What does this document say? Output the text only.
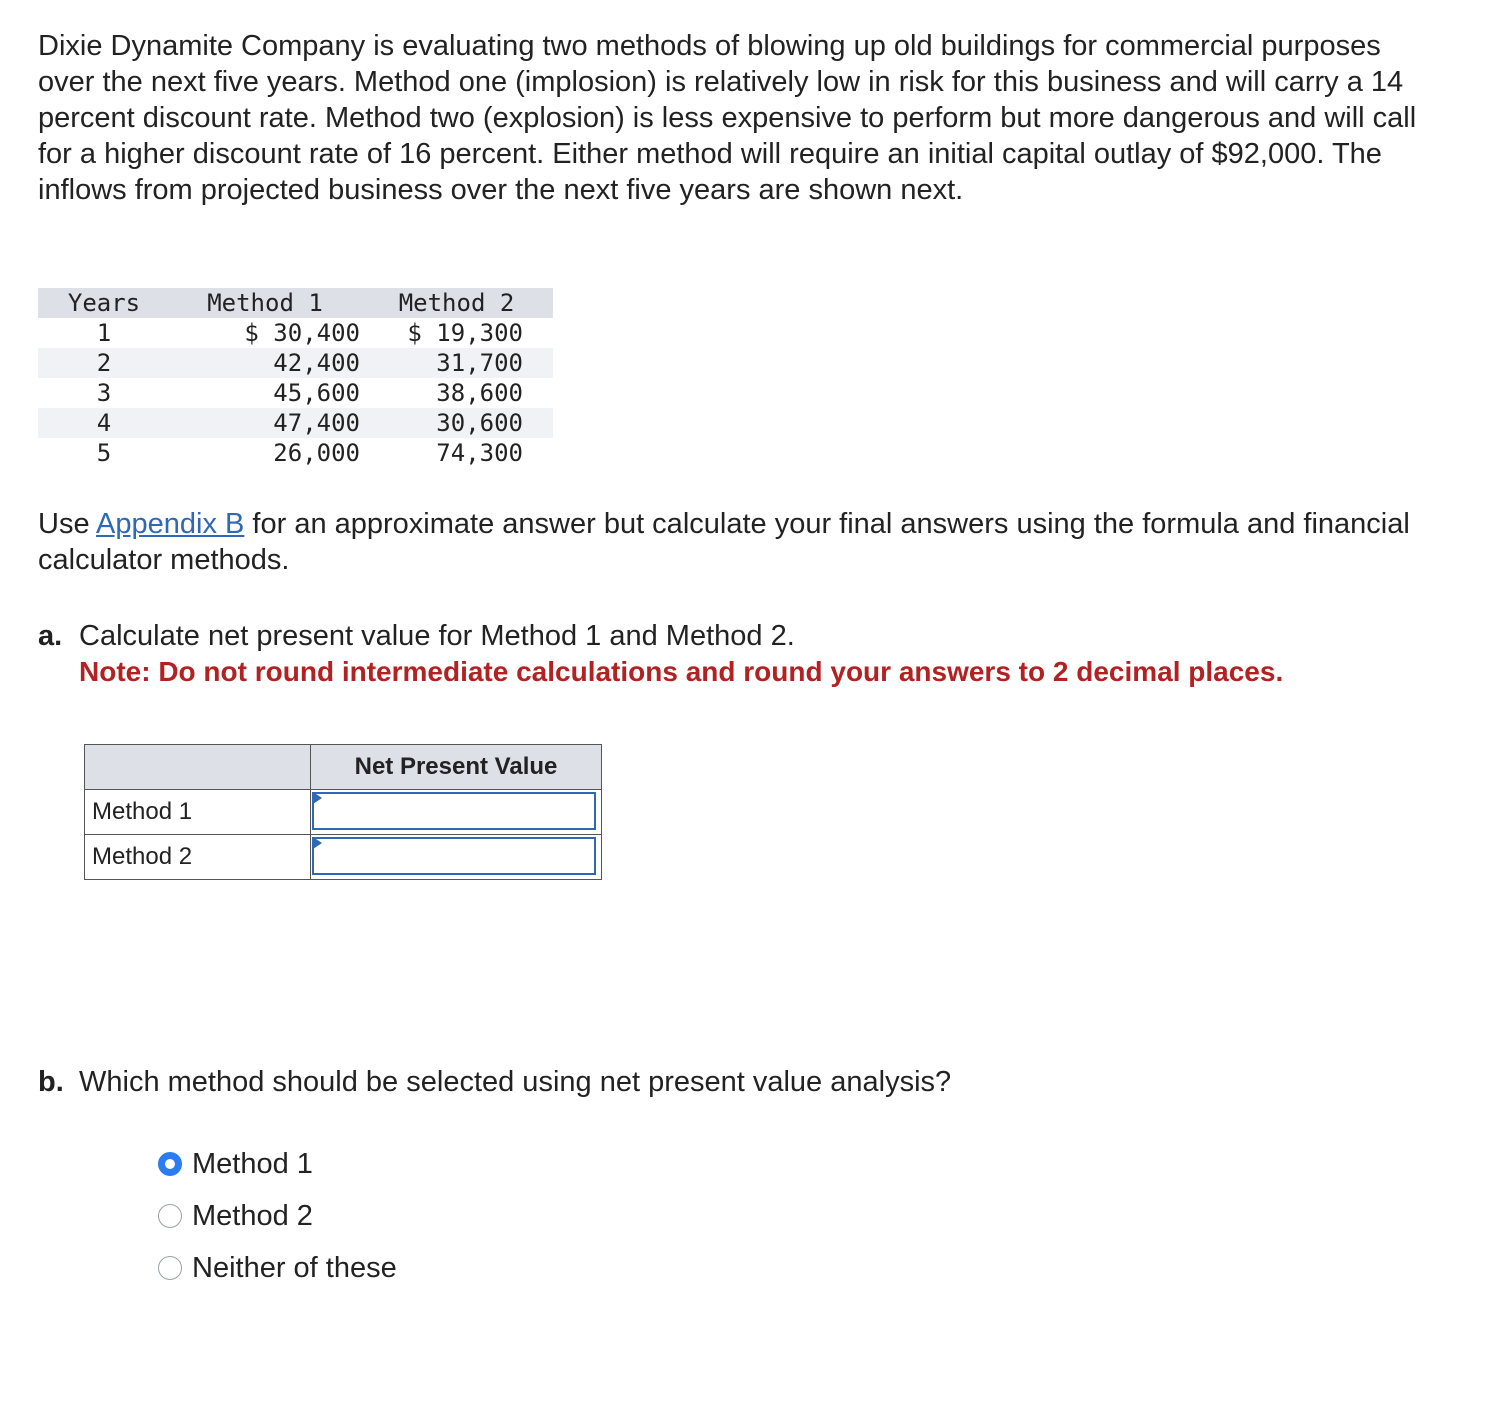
Dixie Dynamite Company is evaluating two methods of blowing up old buildings for commercial purposes over the next five years. Method one (implosion) is relatively low in risk for this business and will carry a 14 percent discount rate. Method two (explosion) is less expensive to perform but more dangerous and will call for a higher discount rate of 16 percent. Either method will require an initial capital outlay of $92,000. The inflows from projected business over the next five years are shown next.

Years	Method 1	Method 2
1	$ 30,400	$ 19,300
2	42,400	31,700
3	45,600	38,600
4	47,400	30,600
5	26,000	74,300

Use Appendix B for an approximate answer but calculate your final answers using the formula and financial calculator methods.

a. Calculate net present value for Method 1 and Method 2.
Note: Do not round intermediate calculations and round your answers to 2 decimal places.
	Net Present Value
Method 1	

Method 2	
b. Which method should be selected using net present value analysis?
Method 1
Method 2
Neither of these
